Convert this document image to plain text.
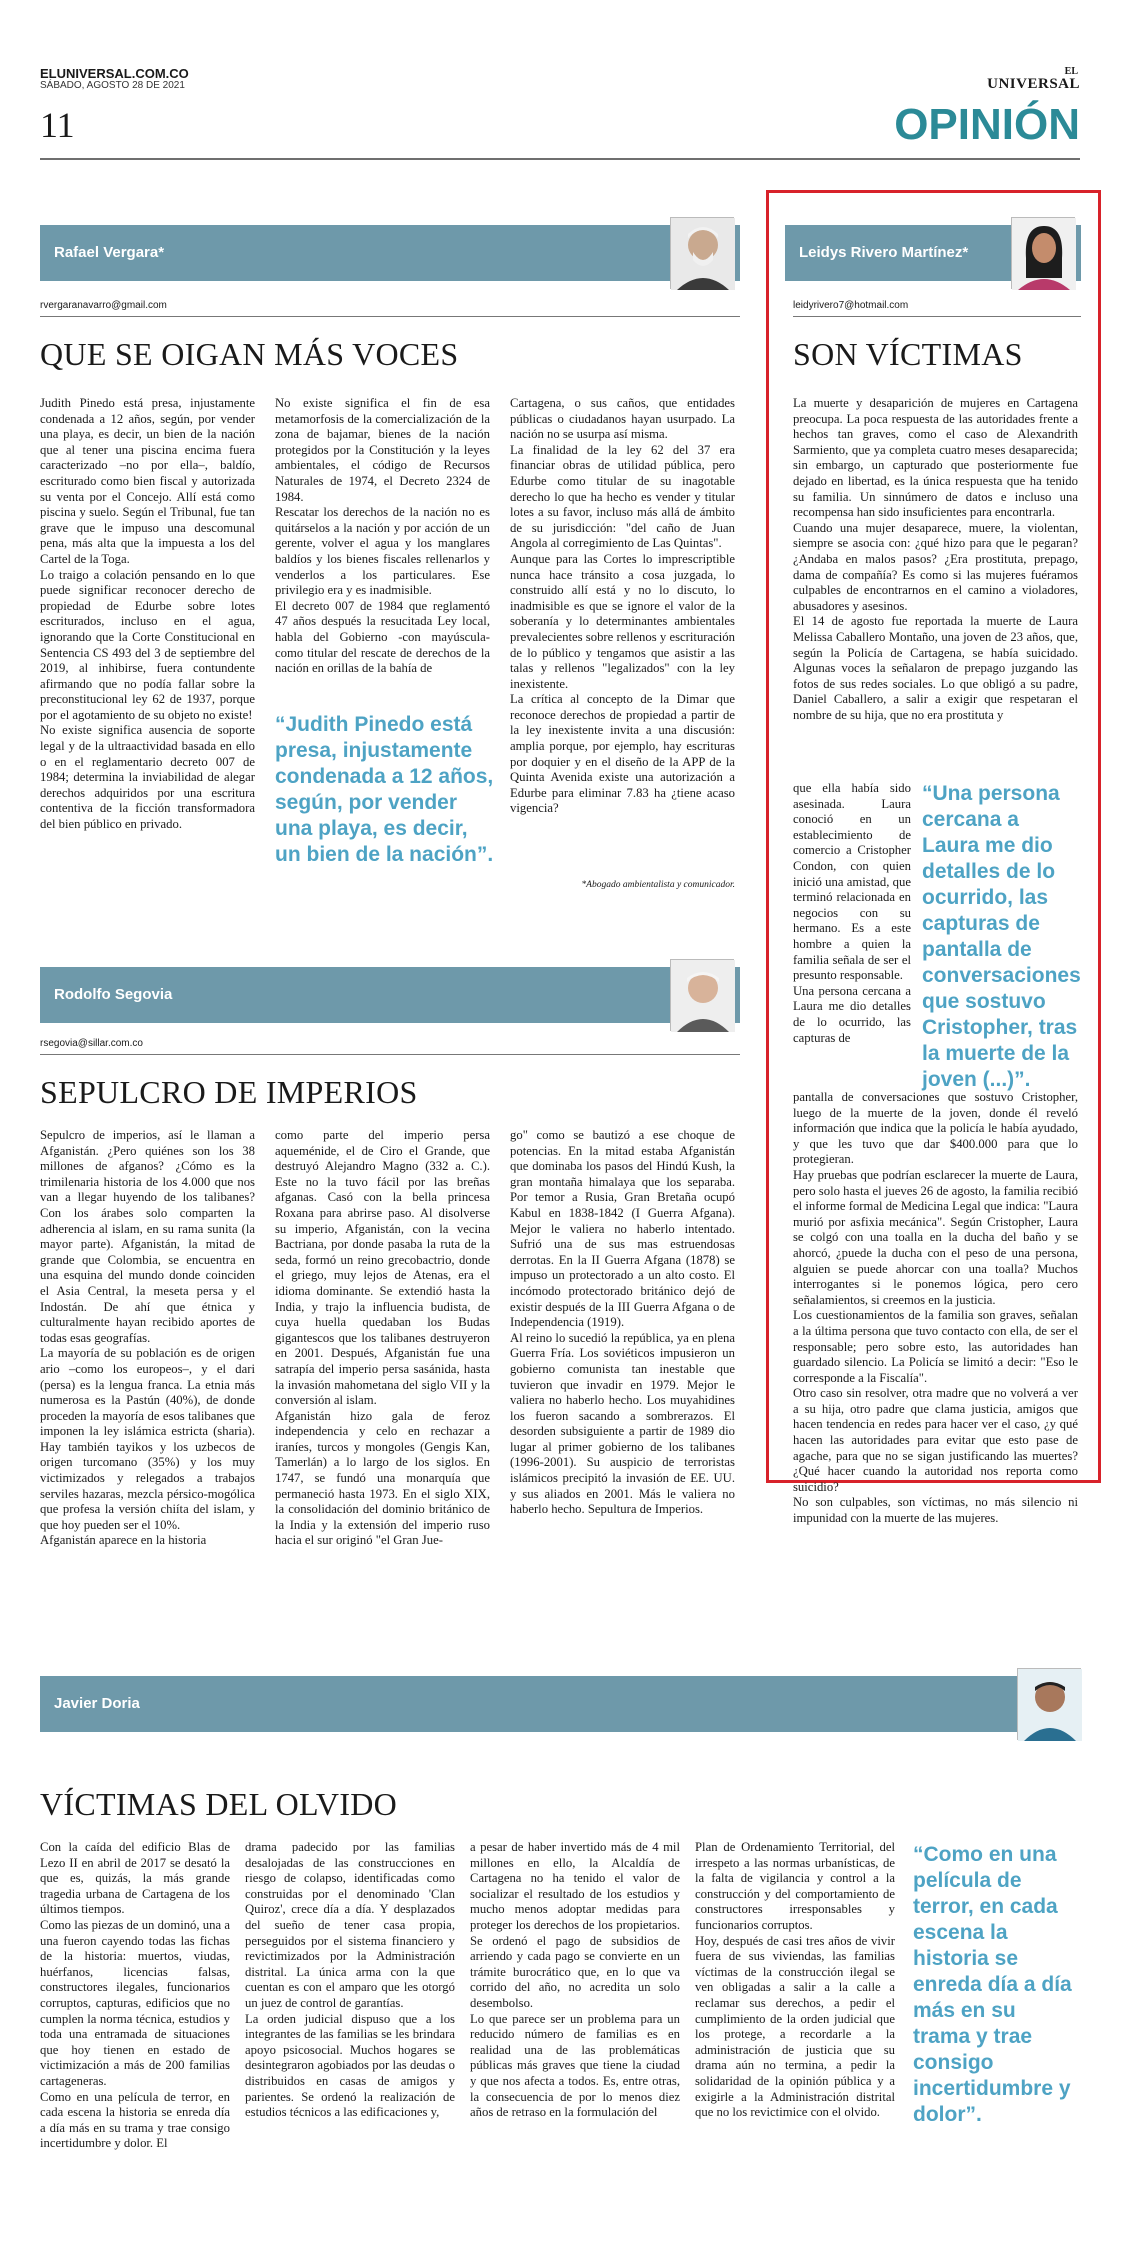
ELUNIVERSAL.COM.CO
SÁBADO, AGOSTO 28 DE 2021
11
EL
UNIVERSAL
OPINIÓN
Rafael Vergara*
rvergaranavarro@gmail.com
QUE SE OIGAN MÁS VOCES
Judith Pinedo está presa, injustamente condenada a 12 años, según, por vender una playa, es decir, un bien de la nación que al tener una piscina encima fuera caracterizado –no por ella–, baldío, escriturado como bien fiscal y autorizada su venta por el Concejo. Allí está como piscina y suelo. Según el Tribunal, fue tan grave que le impuso una descomunal pena, más alta que la impuesta a los del Cartel de la Toga.
Lo traigo a colación pensando en lo que puede significar reconocer derecho de propiedad de Edurbe sobre lotes escriturados, incluso en el agua, ignorando que la Corte Constitucional en Sentencia CS 493 del 3 de septiembre del 2019, al inhibirse, fuera contundente afirmando que no podía fallar sobre la preconstitucional ley 62 de 1937, porque por el agotamiento de su objeto no existe!
No existe significa ausencia de soporte legal y de la ultraactividad basada en ello o en el reglamentario decreto 007 de 1984; determina la inviabilidad de alegar derechos adquiridos por una escritura contentiva de la ficción transformadora del bien público en privado.
No existe significa el fin de esa metamorfosis de la comercialización de la zona de bajamar, bienes de la nación protegidos por la Constitución y la leyes ambientales, el código de Recursos Naturales de 1974, el Decreto 2324 de 1984.
Rescatar los derechos de la nación no es quitárselos a la nación y por acción de un gerente, volver el agua y los manglares baldíos y los bienes fiscales rellenarlos y venderlos a los particulares. Ese privilegio era y es inadmisible.
El decreto 007 de 1984 que reglamentó 47 años después la resucitada Ley local, habla del Gobierno -con mayúscula- como titular del rescate de derechos de la nación en orillas de la bahía de
“Judith Pinedo está presa, injustamente condenada a 12 años, según, por vender una playa, es decir, un bien de la nación”.
Cartagena, o sus caños, que entidades públicas o ciudadanos hayan usurpado. La nación no se usurpa así misma.
La finalidad de la ley 62 del 37 era financiar obras de utilidad pública, pero Edurbe como titular de su inagotable derecho lo que ha hecho es vender y titular lotes a su favor, incluso más allá de ámbito de su jurisdicción: "del caño de Juan Angola al corregimiento de Las Quintas".
Aunque para las Cortes lo imprescriptible nunca hace tránsito a cosa juzgada, lo construido allí está y no lo discuto, lo inadmisible es que se ignore el valor de la soberanía y lo determinantes ambientales prevalecientes sobre rellenos y escrituración de lo público y tengamos que asistir a las talas y rellenos "legalizados" con la ley inexistente.
La crítica al concepto de la Dimar que reconoce derechos de propiedad a partir de la ley inexistente invita a una discusión: amplia porque, por ejemplo, hay escrituras por doquier y en el diseño de la APP de la Quinta Avenida existe una autorización a Edurbe para eliminar 7.83 ha ¿tiene acaso vigencia?
*Abogado ambientalista y comunicador.
Rodolfo Segovia
rsegovia@sillar.com.co
SEPULCRO DE IMPERIOS
Sepulcro de imperios, así le llaman a Afganistán. ¿Pero quiénes son los 38 millones de afganos? ¿Cómo es la trimilenaria historia de los 4.000 que nos van a llegar huyendo de los talibanes? Con los árabes solo comparten la adherencia al islam, en su rama sunita (la mayor parte). Afganistán, la mitad de grande que Colombia, se encuentra en una esquina del mundo donde coinciden el Asia Central, la meseta persa y el Indostán. De ahí que étnica y culturalmente hayan recibido aportes de todas esas geografías.
La mayoría de su población es de origen ario –como los europeos–, y el dari (persa) es la lengua franca. La etnia más numerosa es la Pastún (40%), de donde proceden la mayoría de esos talibanes que imponen la ley islámica estricta (sharia). Hay también tayikos y los uzbecos de origen turcomano (35%) y los muy victimizados y relegados a trabajos serviles hazaras, mezcla pérsico-mogólica que profesa la versión chiíta del islam, y que hoy pueden ser el 10%.
Afganistán aparece en la historia
como parte del imperio persa aqueménide, el de Ciro el Grande, que destruyó Alejandro Magno (332 a. C.). Este no la tuvo fácil por las breñas afganas. Casó con la bella princesa Roxana para abrirse paso. Al disolverse su imperio, Afganistán, con la vecina Bactriana, por donde pasaba la ruta de la seda, formó un reino grecobactrio, donde el griego, muy lejos de Atenas, era el idioma dominante. Se extendió hasta la India, y trajo la influencia budista, de cuya huella quedaban los Budas gigantescos que los talibanes destruyeron en 2001. Después, Afganistán fue una satrapía del imperio persa sasánida, hasta la invasión mahometana del siglo VII y la conversión al islam.
Afganistán hizo gala de feroz independencia y celo en rechazar a iraníes, turcos y mongoles (Gengis Kan, Tamerlán) a lo largo de los siglos. En 1747, se fundó una monarquía que permaneció hasta 1973. En el siglo XIX, la consolidación del dominio británico de la India y la extensión del imperio ruso hacia el sur originó "el Gran Jue-
go" como se bautizó a ese choque de potencias. En la mitad estaba Afganistán que dominaba los pasos del Hindú Kush, la gran montaña himalaya que los separaba. Por temor a Rusia, Gran Bretaña ocupó Kabul en 1838-1842 (I Guerra Afgana). Mejor le valiera no haberlo intentado. Sufrió una de sus mas estruendosas derrotas. En la II Guerra Afgana (1878) se impuso un protectorado a un alto costo. El incómodo protectorado británico dejó de existir después de la III Guerra Afgana o de Independencia (1919).
Al reino lo sucedió la república, ya en plena Guerra Fría. Los soviéticos impusieron un gobierno comunista tan inestable que tuvieron que invadir en 1979. Mejor le valiera no haberlo hecho. Los muyahidines los fueron sacando a sombrerazos. El desorden subsiguiente a partir de 1989 dio lugar al primer gobierno de los talibanes (1996-2001). Su auspicio de terroristas islámicos precipitó la invasión de EE. UU. y sus aliados en 2001. Más le valiera no haberlo hecho. Sepultura de Imperios.
Leidys Rivero Martínez*
leidyrivero7@hotmail.com
SON VÍCTIMAS
La muerte y desaparición de mujeres en Cartagena preocupa. La poca respuesta de las autoridades frente a hechos tan graves, como el caso de Alexandrith Sarmiento, que ya completa cuatro meses desaparecida; sin embargo, un capturado que posteriormente fue dejado en libertad, es la única respuesta que ha tenido su familia. Un sinnúmero de datos e incluso una recompensa han sido insuficientes para encontrarla.
Cuando una mujer desaparece, muere, la violentan, siempre se asocia con: ¿qué hizo para que le pegaran? ¿Andaba en malos pasos? ¿Era prostituta, prepago, dama de compañía? Es como si las mujeres fuéramos culpables de encontrarnos en el camino a violadores, abusadores y asesinos.
El 14 de agosto fue reportada la muerte de Laura Melissa Caballero Montaño, una joven de 23 años, que, según la Policía de Cartagena, se había suicidado. Algunas voces la señalaron de prepago juzgando las fotos de sus redes sociales. Lo que obligó a su padre, Daniel Caballero, a salir a exigir que respetaran el nombre de su hija, que no era prostituta y
que ella había sido asesinada. Laura conoció en un establecimiento de comercio a Cristopher Condon, con quien inició una amistad, que terminó relacionada en negocios con su hermano. Es a este hombre a quien la familia señala de ser el presunto responsable.
Una persona cercana a Laura me dio detalles de lo ocurrido, las capturas de
“Una persona cercana a Laura me dio detalles de lo ocurrido, las capturas de pantalla de conversaciones que sostuvo Cristopher, tras la muerte de la joven (...)”.
pantalla de conversaciones que sostuvo Cristopher, luego de la muerte de la joven, donde él reveló información que indica que la policía le había ayudado, y que les tuvo que dar $400.000 para que lo protegieran.
Hay pruebas que podrían esclarecer la muerte de Laura, pero solo hasta el jueves 26 de agosto, la familia recibió el informe formal de Medicina Legal que indica: "Laura murió por asfixia mecánica". Según Cristopher, Laura se colgó con una toalla en la ducha del baño y se ahorcó, ¿puede la ducha con el peso de una persona, alguien se puede ahorcar con una toalla? Muchos interrogantes si le ponemos lógica, pero cero señalamientos, si creemos en la justicia.
Los cuestionamientos de la familia son graves, señalan a la última persona que tuvo contacto con ella, de ser el responsable; pero sobre esto, las autoridades han guardado silencio. La Policía se limitó a decir: "Eso le corresponde a la Fiscalía".
Otro caso sin resolver, otra madre que no volverá a ver a su hija, otro padre que clama justicia, amigos que hacen tendencia en redes para hacer ver el caso, ¿y qué hacen las autoridades para evitar que esto pase de agache, para que no se sigan justificando las muertes? ¿Qué hacer cuando la autoridad nos reporta como suicidio?
No son culpables, son víctimas, no más silencio ni impunidad con la muerte de las mujeres.
Javier Doria
VÍCTIMAS DEL OLVIDO
Con la caída del edificio Blas de Lezo II en abril de 2017 se desató la que es, quizás, la más grande tragedia urbana de Cartagena de los últimos tiempos.
Como las piezas de un dominó, una a una fueron cayendo todas las fichas de la historia: muertos, viudas, huérfanos, licencias falsas, constructores ilegales, funcionarios corruptos, capturas, edificios que no cumplen la norma técnica, estudios y toda una entramada de situaciones que hoy tienen en estado de victimización a más de 200 familias cartageneras.
Como en una película de terror, en cada escena la historia se enreda día a día más en su trama y trae consigo incertidumbre y dolor. El
drama padecido por las familias desalojadas de las construcciones en riesgo de colapso, identificadas como construidas por el denominado 'Clan Quiroz', crece día a día. Y desplazados del sueño de tener casa propia, perseguidos por el sistema financiero y revictimizados por la Administración distrital. La única arma con la que cuentan es con el amparo que les otorgó un juez de control de garantías.
La orden judicial dispuso que a los integrantes de las familias se les brindara apoyo psicosocial. Muchos hogares se desintegraron agobiados por las deudas o distribuidos en casas de amigos y parientes. Se ordenó la realización de estudios técnicos a las edificaciones y,
a pesar de haber invertido más de 4 mil millones en ello, la Alcaldía de Cartagena no ha tenido el valor de socializar el resultado de los estudios y mucho menos adoptar medidas para proteger los derechos de los propietarios. Se ordenó el pago de subsidios de arriendo y cada pago se convierte en un trámite burocrático que, en lo que va corrido del año, no acredita un solo desembolso.
Lo que parece ser un problema para un reducido número de familias es en realidad una de las problemáticas públicas más graves que tiene la ciudad y que nos afecta a todos. Es, entre otras, la consecuencia de por lo menos diez años de retraso en la formulación del
Plan de Ordenamiento Territorial, del irrespeto a las normas urbanísticas, de la falta de vigilancia y control a la construcción y del comportamiento de constructores irresponsables y funcionarios corruptos.
Hoy, después de casi tres años de vivir fuera de sus viviendas, las familias víctimas de la construcción ilegal se ven obligadas a salir a la calle a reclamar sus derechos, a pedir el cumplimiento de la orden judicial que los protege, a recordarle a la administración de justicia que su drama aún no termina, a pedir la solidaridad de la opinión pública y a exigirle a la Administración distrital que no los revictimice con el olvido.
“Como en una película de terror, en cada escena la historia se enreda día a día más en su trama y trae consigo incertidumbre y dolor”.
